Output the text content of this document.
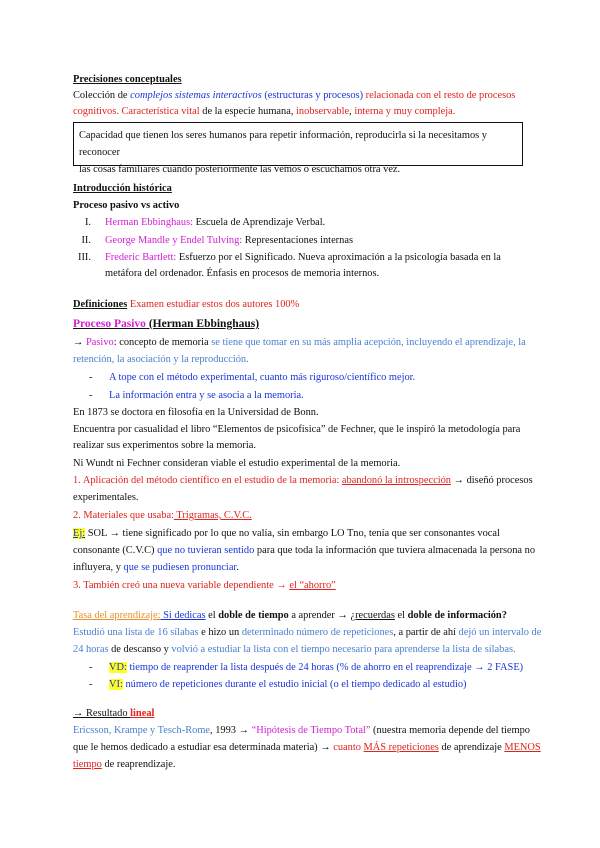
Precisiones conceptuales
Colección de complejos sistemas interactivos (estructuras y procesos) relacionada con el resto de procesos
cognitivos. Característica vital de la especie humana, inobservable, interna y muy compleja.
Capacidad que tienen los seres humanos para repetir información, reproducirla si la necesitamos y reconocer
las cosas familiares cuando posteriormente las vemos o escuchamos otra vez.
Introducción histórica
Proceso pasivo vs activo
I. Herman Ebbinghaus: Escuela de Aprendizaje Verbal.
II. George Mandle y Endel Tulving: Representaciones internas
III. Frederic Bartlett: Esfuerzo por el Significado. Nueva aproximación a la psicología basada en la
metáfora del ordenador. Énfasis en procesos de memoria internos.
Definiciones Examen estudiar estos dos autores 100%
Proceso Pasivo (Herman Ebbinghaus)
→ Pasivo: concepto de memoria se tiene que tomar en su más amplia acepción, incluyendo el aprendizaje, la
retención, la asociación y la reproducción.
- A tope con el método experimental, cuanto más riguroso/científico mejor.
- La información entra y se asocia a la memoria.
En 1873 se doctora en filosofía en la Universidad de Bonn.
Encuentra por casualidad el libro “Elementos de psicofísica” de Fechner, que le inspiró la metodología para
realizar sus experimentos sobre la memoria.
Ni Wundt ni Fechner consideran viable el estudio experimental de la memoria.
1. Aplicación del método científico en el estudio de la memoria: abandonó la introspección → diseñó procesos
experimentales.
2. Materiales que usaba: Trigramas, C.V.C.
Ej: SOL → tiene significado por lo que no valía, sin embargo LO Tno, tenía que ser consonantes vocal
consonante (C.V.C) que no tuvieran sentido para que toda la información que tuviera almacenada la persona no
influyera, y que se pudiesen pronunciar.
3. También creó una nueva variable dependiente → el “ahorro”
Tasa del aprendizaje: Si dedicas el doble de tiempo a aprender → ¿recuerdas el doble de información?
Estudió una lista de 16 sílabas e hizo un determinado número de repeticiones, a partir de ahí dejó un intervalo de
24 horas de descanso y volvió a estudiar la lista con el tiempo necesario para aprenderse la lista de sílabas.
- VD: tiempo de reaprender la lista después de 24 horas (% de ahorro en el reaprendizaje → 2 FASE)
- VI: número de repeticiones durante el estudio inicial (o el tiempo dedicado al estudio)
→ Resultado lineal
Ericsson, Krampe y Tesch-Rome, 1993 → “Hipótesis de Tiempo Total” (nuestra memoria depende del tiempo
que le hemos dedicado a estudiar esa determinada materia) → cuanto MÁS repeticiones de aprendizaje MENOS
tiempo de reaprendizaje.
